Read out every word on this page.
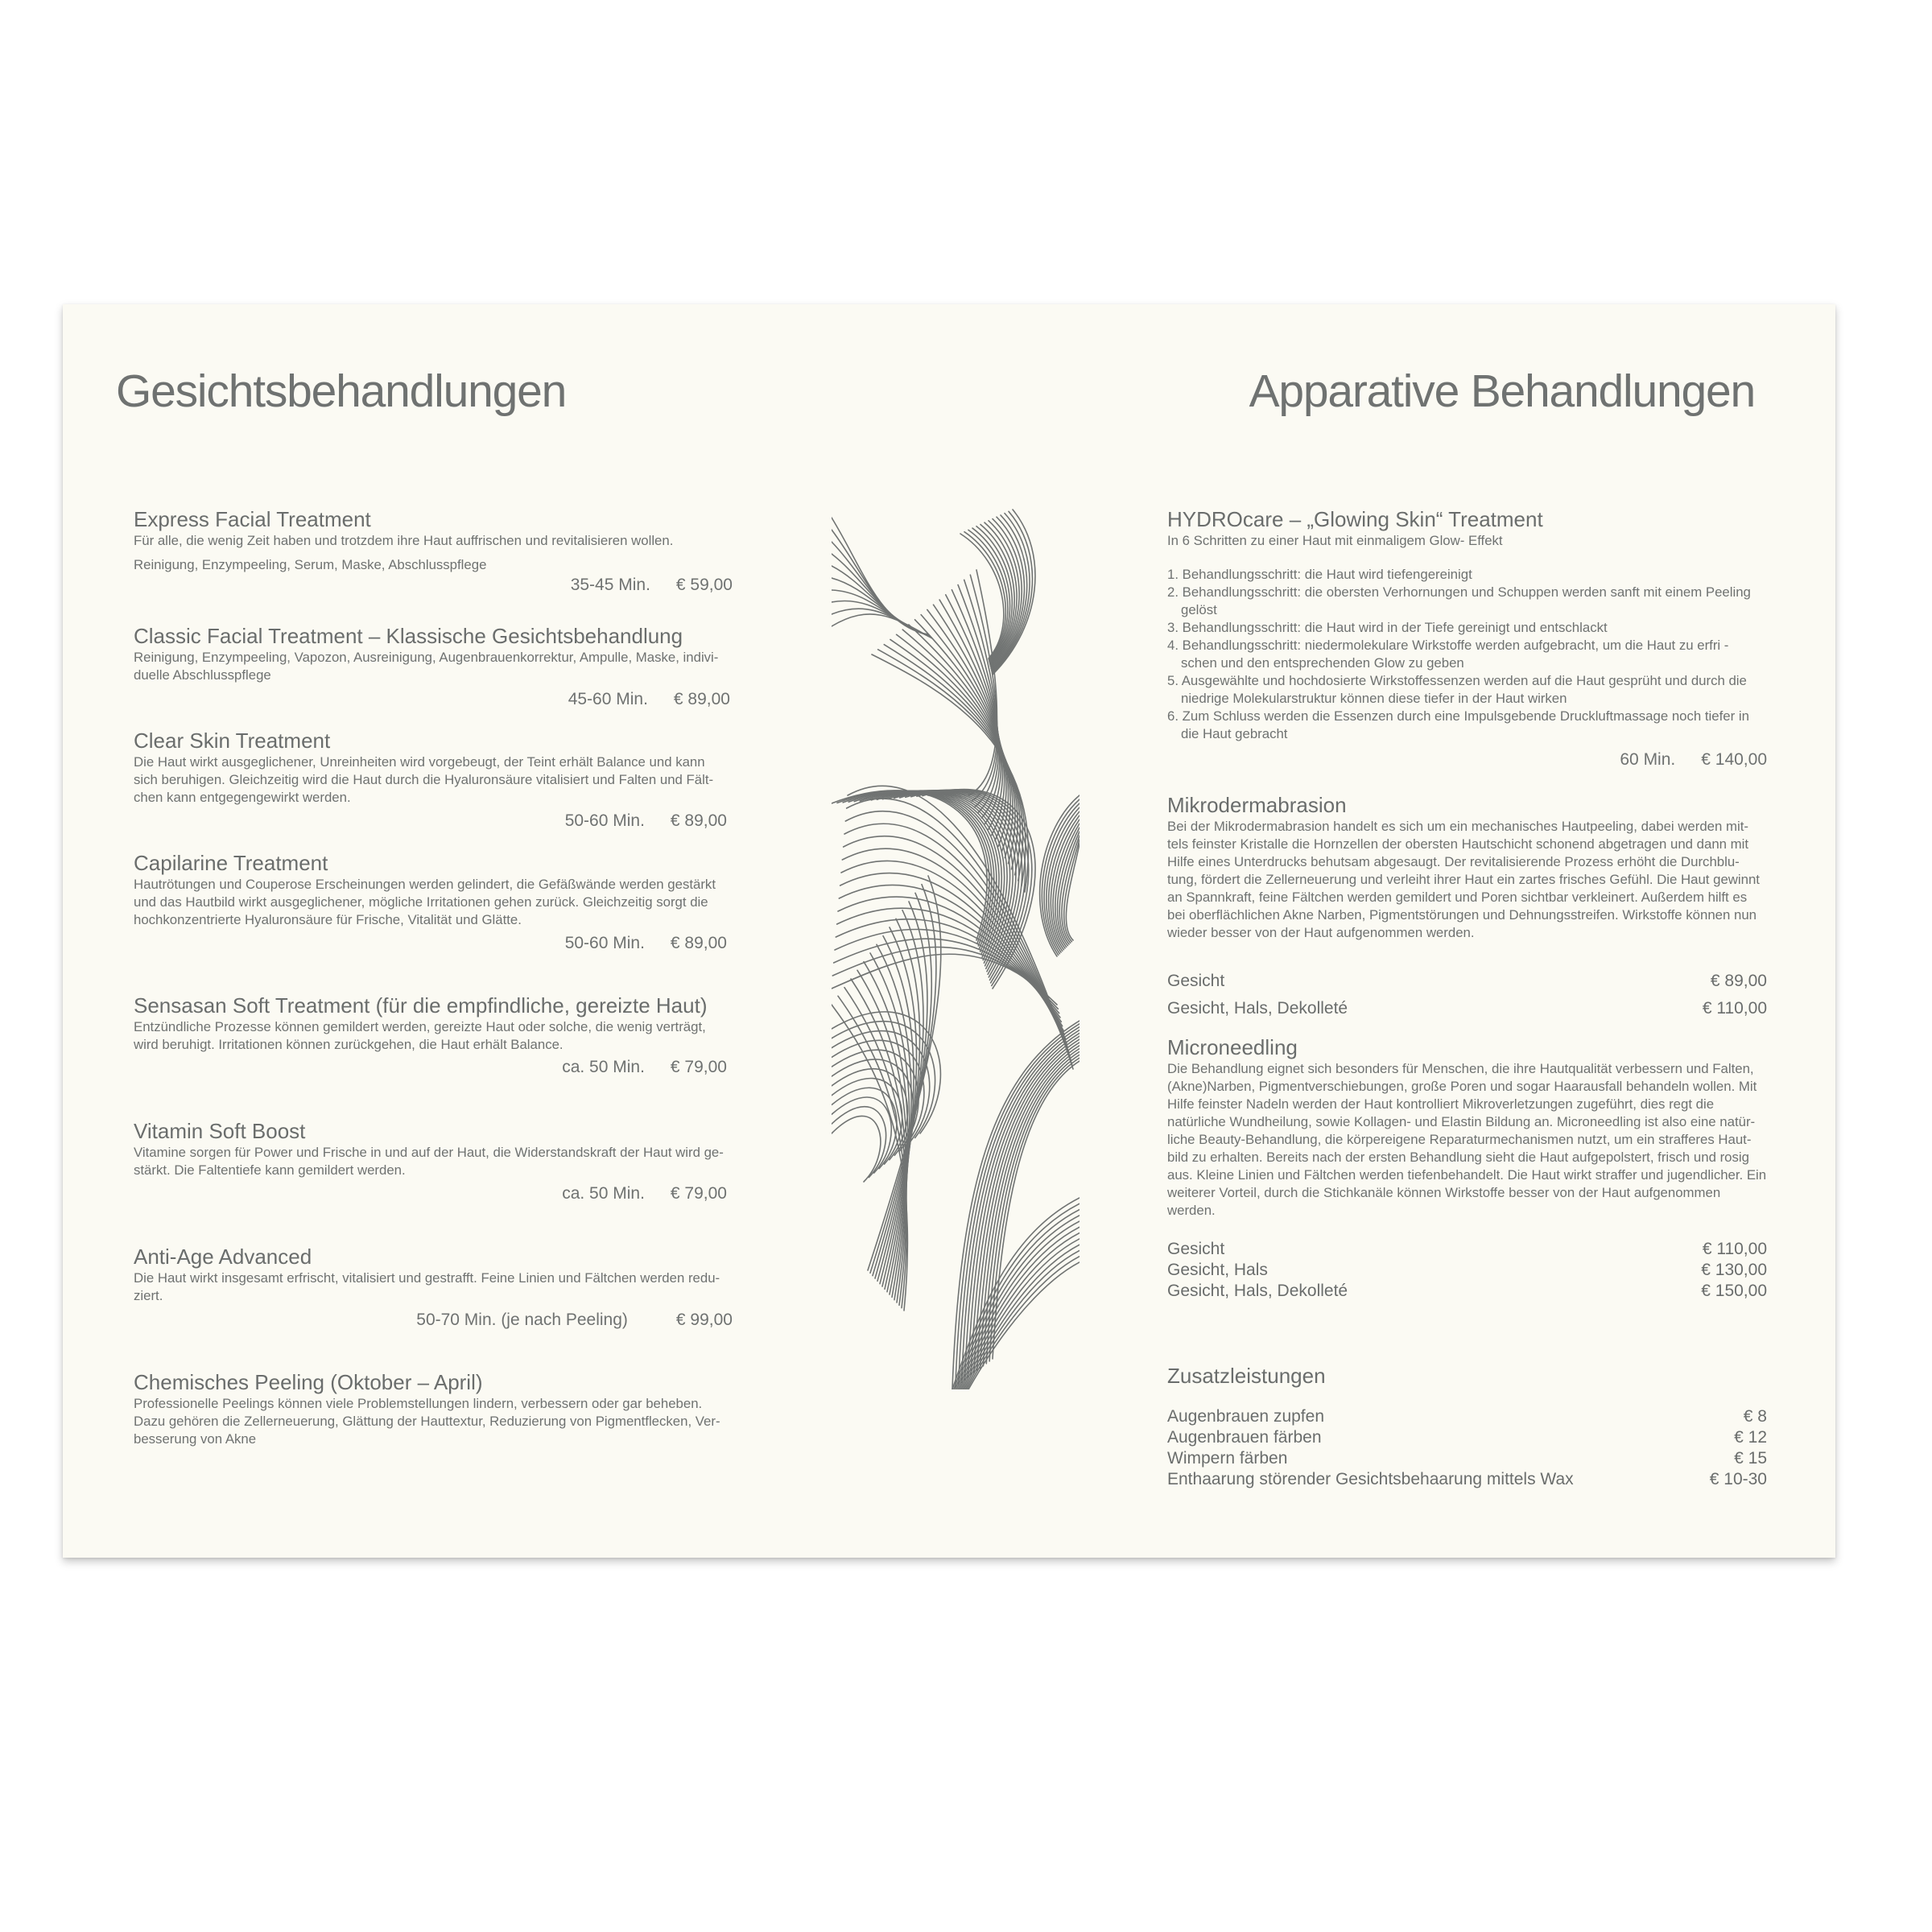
Gesichtsbehandlungen
Express Facial Treatment
Für alle, die wenig Zeit haben und trotzdem ihre Haut auffrischen und revitalisieren wollen.
Reinigung, Enzympeeling, Serum, Maske, Abschlusspflege
35-45 Min. € 59,00
Classic Facial Treatment – Klassische Gesichtsbehandlung
Reinigung, Enzympeeling, Vapozon, Ausreinigung, Augenbrauenkorrektur, Ampulle, Maske, indivi-duelle Abschlusspflege
45-60 Min. € 89,00
Clear Skin Treatment
Die Haut wirkt ausgeglichener, Unreinheiten wird vorgebeugt, der Teint erhält Balance und kann sich beruhigen. Gleichzeitig wird die Haut durch die Hyaluronsäure vitalisiert und Falten und Fält-chen kann entgegengewirkt werden.
50-60 Min. € 89,00
Capilarine Treatment
Hautrötungen und Couperose Erscheinungen werden gelindert, die Gefäßwände werden gestärkt und das Hautbild wirkt ausgeglichener, mögliche Irritationen gehen zurück. Gleichzeitig sorgt die hochkonzentrierte Hyaluronsäure für Frische, Vitalität und Glätte.
50-60 Min. € 89,00
Sensasan Soft Treatment (für die empfindliche, gereizte Haut)
Entzündliche Prozesse können gemildert werden, gereizte Haut oder solche, die wenig verträgt, wird beruhigt. Irritationen können zurückgehen, die Haut erhält Balance.
ca. 50 Min. € 79,00
Vitamin Soft Boost
Vitamine sorgen für Power und Frische in und auf der Haut, die Widerstandskraft der Haut wird ge-stärkt. Die Faltentiefe kann gemildert werden.
ca. 50 Min. € 79,00
Anti-Age Advanced
Die Haut wirkt insgesamt erfrischt, vitalisiert und gestrafft. Feine Linien und Fältchen werden redu-ziert.
50-70 Min. (je nach Peeling)	€ 99,00
Chemisches Peeling (Oktober – April)
Professionelle Peelings können viele Problemstellungen lindern, verbessern oder gar beheben. Dazu gehören die Zellerneuerung, Glättung der Hauttextur, Reduzierung von Pigmentflecken, Ver-besserung von Akne
Apparative Behandlungen
HYDROcare – „Glowing Skin“ Treatment
In 6 Schritten zu einer Haut mit einmaligem Glow- Effekt
1. Behandlungsschritt: die Haut wird tiefengereinigt
2. Behandlungsschritt: die obersten Verhornungen und Schuppen werden sanft mit einem Peeling gelöst
3. Behandlungsschritt: die Haut wird in der Tiefe gereinigt und entschlackt
4. Behandlungsschritt: niedermolekulare Wirkstoffe werden aufgebracht, um die Haut zu erfri - schen und den entsprechenden Glow zu geben
5. Ausgewählte und hochdosierte Wirkstoffessenzen werden auf die Haut gesprüht und durch die niedrige Molekularstruktur können diese tiefer in der Haut wirken
6. Zum Schluss werden die Essenzen durch eine Impulsgebende Druckluftmassage noch tiefer in die Haut gebracht
60 Min. € 140,00
Mikrodermabrasion
Bei der Mikrodermabrasion handelt es sich um ein mechanisches Hautpeeling, dabei werden mit-tels feinster Kristalle die Hornzellen der obersten Hautschicht schonend abgetragen und dann mit Hilfe eines Unterdrucks behutsam abgesaugt. Der revitalisierende Prozess erhöht die Durchblu-tung, fördert die Zellerneuerung und verleiht ihrer Haut ein zartes frisches Gefühl. Die Haut gewinnt an Spannkraft, feine Fältchen werden gemildert und Poren sichtbar verkleinert. Außerdem hilft es bei oberflächlichen Akne Narben, Pigmentstörungen und Dehnungsstreifen. Wirkstoffe können nun wieder besser von der Haut aufgenommen werden.
Gesicht	€ 89,00
Gesicht, Hals, Dekolleté	€ 110,00
Microneedling
Die Behandlung eignet sich besonders für Menschen, die ihre Hautqualität verbessern und Falten, (Akne)Narben, Pigmentverschiebungen, große Poren und sogar Haarausfall behandeln wollen. Mit Hilfe feinster Nadeln werden der Haut kontrolliert Mikroverletzungen zugeführt, dies regt die natürliche Wundheilung, sowie Kollagen- und Elastin Bildung an. Microneedling ist also eine natür-liche Beauty-Behandlung, die körpereigene Reparaturmechanismen nutzt, um ein strafferes Haut-bild zu erhalten. Bereits nach der ersten Behandlung sieht die Haut aufgepolstert, frisch und rosig aus. Kleine Linien und Fältchen werden tiefenbehandelt. Die Haut wirkt straffer und jugendlicher. Ein weiterer Vorteil, durch die Stichkanäle können Wirkstoffe besser von der Haut aufgenommen werden.
Gesicht	€ 110,00
Gesicht, Hals	€ 130,00
Gesicht, Hals, Dekolleté	€ 150,00
Zusatzleistungen
Augenbrauen zupfen	€ 8
Augenbrauen färben	€ 12
Wimpern färben	€ 15
Enthaarung störender Gesichtsbehaarung mittels Wax	€ 10-30
